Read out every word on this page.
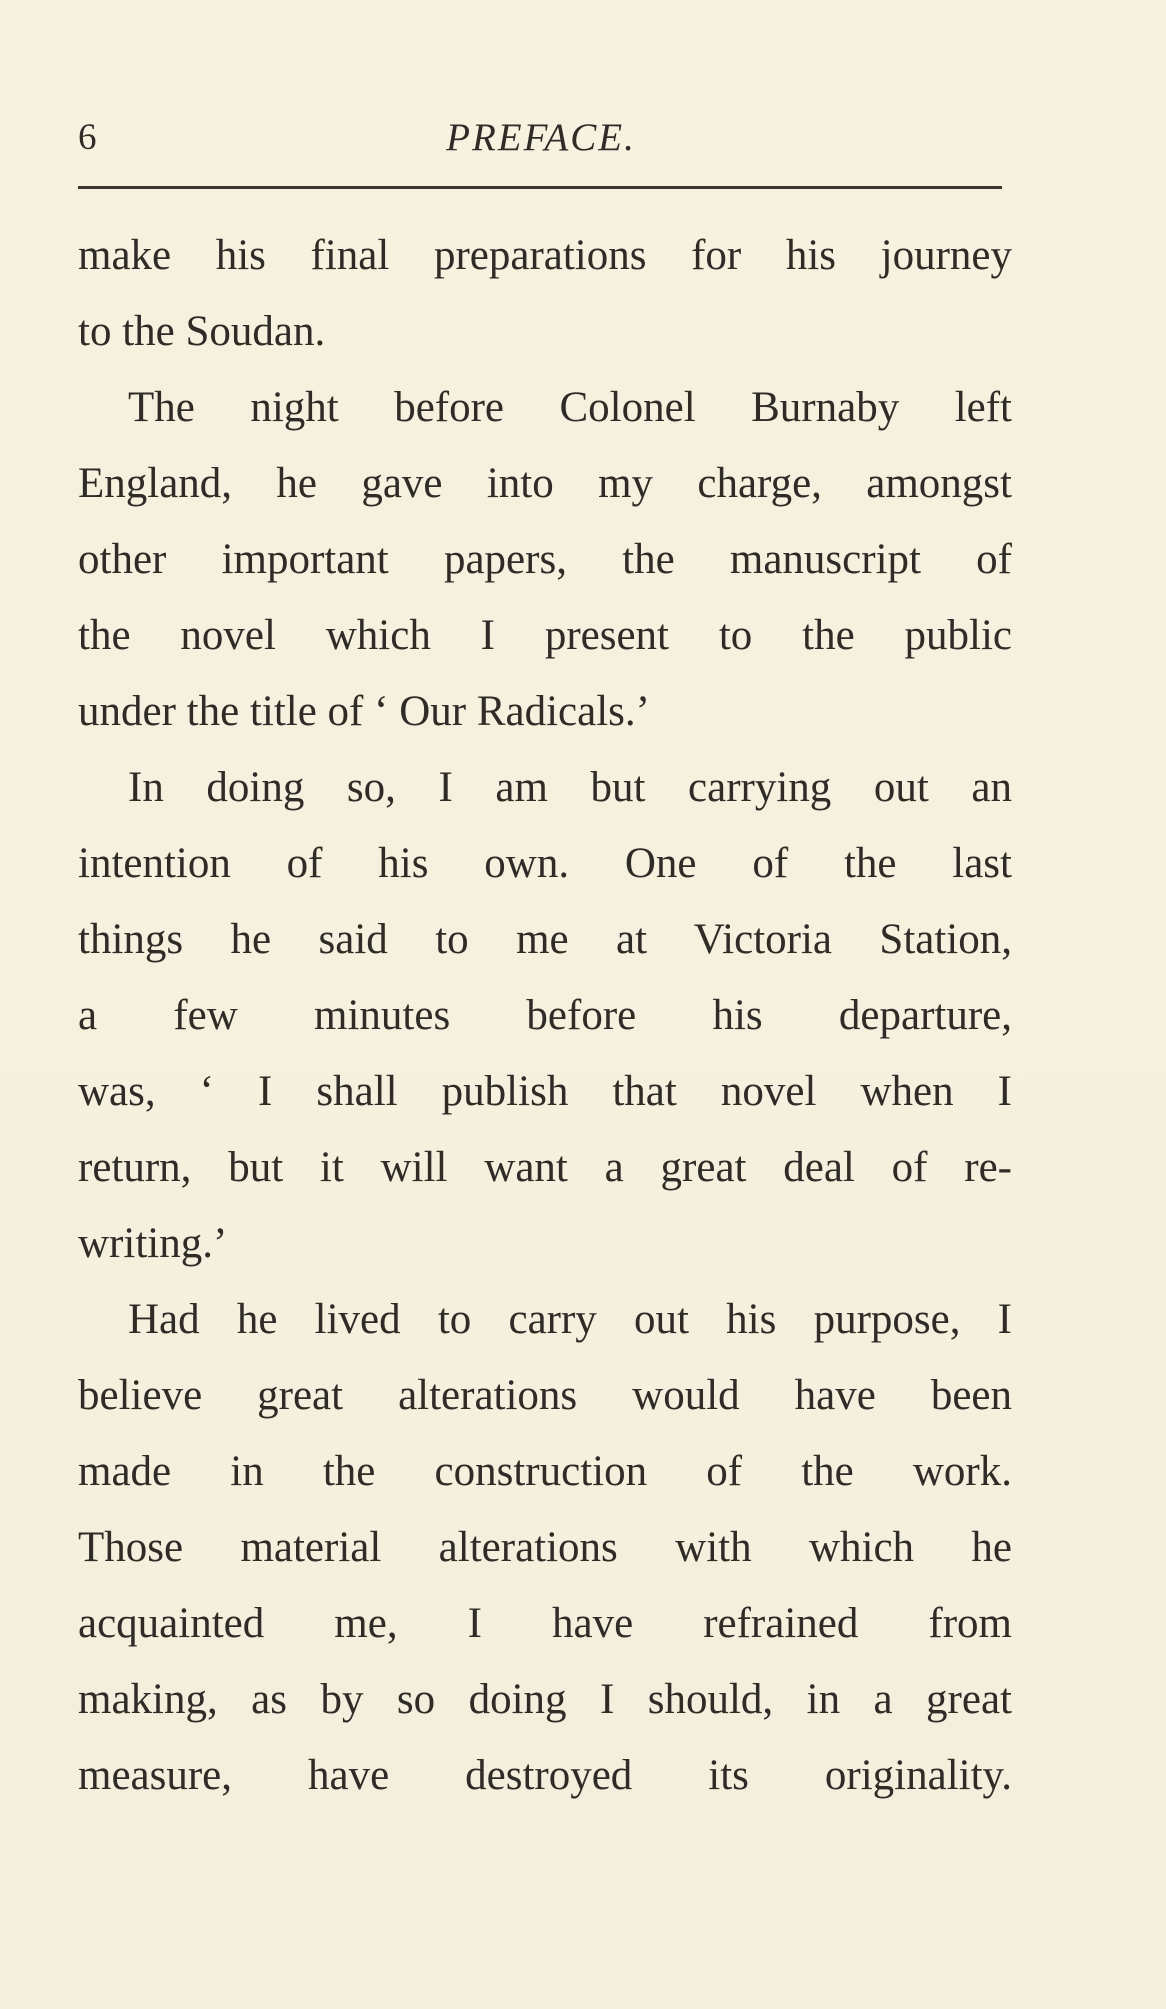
6	PREFACE.
make his final preparations for his journey
to the Soudan.
The night before Colonel Burnaby left
England, he gave into my charge, amongst
other important papers, the manuscript of
the novel which I present to the public
under the title of ‘ Our Radicals.’
In doing so, I am but carrying out an
intention of his own. One of the last
things he said to me at Victoria Station,
a few minutes before his departure,
was, ‘ I shall publish that novel when I
return, but it will want a great deal of re-
writing.’
Had he lived to carry out his purpose, I
believe great alterations would have been
made in the construction of the work.
Those material alterations with which he
acquainted me, I have refrained from
making, as by so doing I should, in a great
measure, have destroyed its originality.
